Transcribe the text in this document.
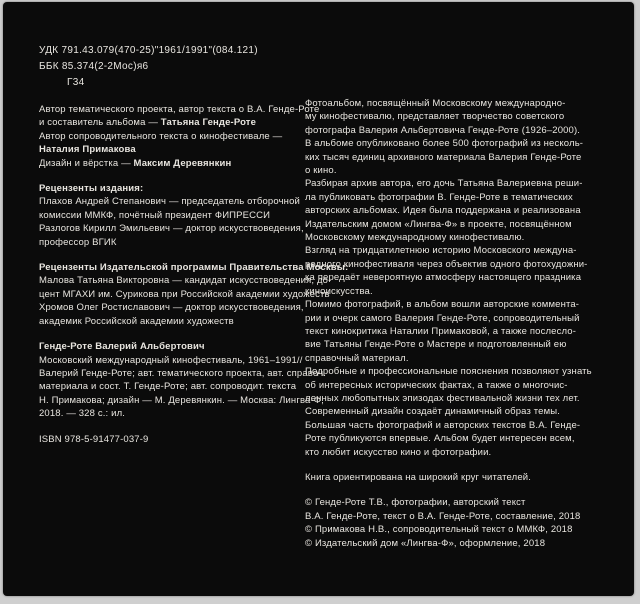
УДК 791.43.079(470-25)"1961/1991"(084.121)
ББК 85.374(2-2Мос)я6
Г34
Автор тематического проекта, автор текста о В.А. Генде-Роте
и составитель альбома — Татьяна Генде-Роте
Автор сопроводительного текста о кинофестивале —
Наталия Примакова
Дизайн и вёрстка — Максим Деревянкин
Рецензенты издания:
Плахов Андрей Степанович — председатель отборочной
комиссии ММКФ, почётный президент ФИПРЕССИ
Разлогов Кирилл Эмильевич — доктор искусствоведения,
профессор ВГИК
Рецензенты Издательской программы Правительства Москвы:
Малова Татьяна Викторовна — кандидат искусствоведения, до-
цент МГАХИ им. Сурикова при Российской академии художеств
Хромов Олег Ростиславович — доктор искусствоведения,
академик Российской академии художеств
Генде-Роте Валерий Альбертович
Московский международный кинофестиваль, 1961–1991//
Валерий Генде-Роте; авт. тематического проекта, авт. справоч.
материала и сост. Т. Генде-Роте; авт. сопроводит. текста
Н. Примакова; дизайн — М. Деревянкин. — Москва: Лингва-Ф,
2018. — 328 с.: ил.
ISBN 978-5-91477-037-9
Фотоальбом, посвящённый Московскому международно-
му кинофестивалю, представляет творчество советского
фотографа Валерия Альбертовича Генде-Роте (1926–2000).
В альбоме опубликовано более 500 фотографий из несколь-
ких тысяч единиц архивного материала Валерия Генде-Роте
о кино.
Разбирая архив автора, его дочь Татьяна Валериевна реши-
ла публиковать фотографии В. Генде-Роте в тематических
авторских альбомах. Идея была поддержана и реализована
Издательским домом «Лингва-Ф» в проекте, посвящённом
Московскому международному кинофестивалю.
Взгляд на тридцатилетнюю историю Московского междуна-
родного кинофестиваля через объектив одного фотохудожни-
ка передаёт невероятную атмосферу настоящего праздника
киноискусства.
Помимо фотографий, в альбом вошли авторские коммента-
рии и очерк самого Валерия Генде-Роте, сопроводительный
текст кинокритика Наталии Примаковой, а также послесло-
вие Татьяны Генде-Роте о Мастере и подготовленный ею
справочный материал.
Подробные и профессиональные пояснения позволяют узнать
об интересных исторических фактах, а также о многочис-
ленных любопытных эпизодах фестивальной жизни тех лет.
Современный дизайн создаёт динамичный образ темы.
Большая часть фотографий и авторских текстов В.А. Генде-
Роте публикуются впервые. Альбом будет интересен всем,
кто любит искусство кино и фотографии.
Книга ориентирована на широкий круг читателей.
© Генде-Роте Т.В., фотографии, авторский текст
В.А. Генде-Роте, текст о В.А. Генде-Роте, составление, 2018
© Примакова Н.В., сопроводительный текст о ММКФ, 2018
© Издательский дом «Лингва-Ф», оформление, 2018
